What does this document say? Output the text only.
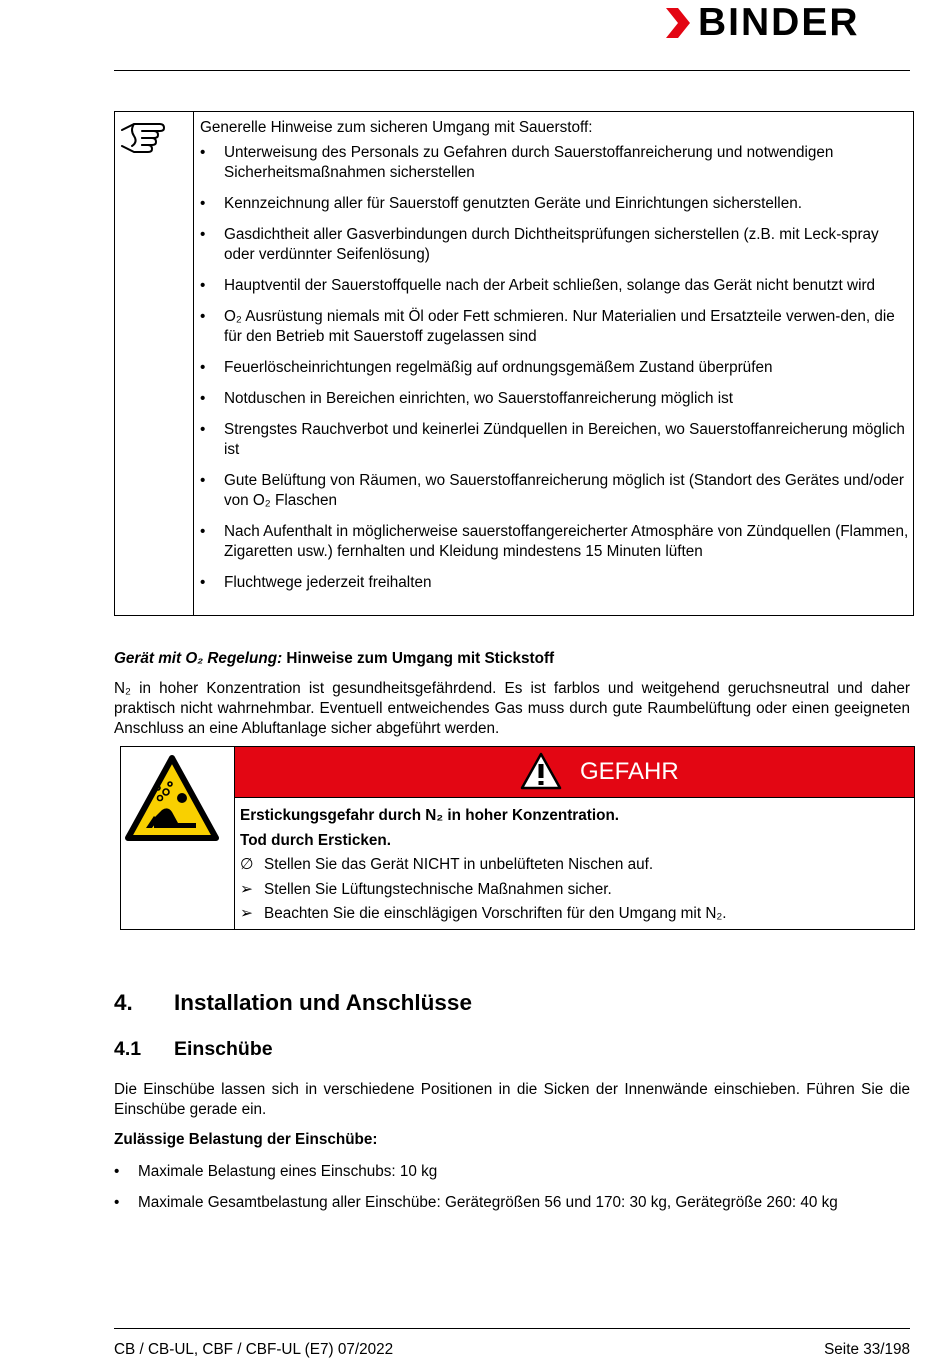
BINDER
Generelle Hinweise zum sicheren Umgang mit Sauerstoff:
• Unterweisung des Personals zu Gefahren durch Sauerstoffanreicherung und notwendigen Sicherheitsmaßnahmen sicherstellen
• Kennzeichnung aller für Sauerstoff genutzten Geräte und Einrichtungen sicherstellen.
• Gasdichtheit aller Gasverbindungen durch Dichtheitsprüfungen sicherstellen (z.B. mit Leck-spray oder verdünnter Seifenlösung)
• Hauptventil der Sauerstoffquelle nach der Arbeit schließen, solange das Gerät nicht benutzt wird
• O₂ Ausrüstung niemals mit Öl oder Fett schmieren. Nur Materialien und Ersatzteile verwen-den, die für den Betrieb mit Sauerstoff zugelassen sind
• Feuerlöscheinrichtungen regelmäßig auf ordnungsgemäßem Zustand überprüfen
• Notduschen in Bereichen einrichten, wo Sauerstoffanreicherung möglich ist
• Strengstes Rauchverbot und keinerlei Zündquellen in Bereichen, wo Sauerstoffanreicherung möglich ist
• Gute Belüftung von Räumen, wo Sauerstoffanreicherung möglich ist (Standort des Gerätes und/oder von O₂ Flaschen
• Nach Aufenthalt in möglicherweise sauerstoffangereicherter Atmosphäre von Zündquellen (Flammen, Zigaretten usw.) fernhalten und Kleidung mindestens 15 Minuten lüften
• Fluchtwege jederzeit freihalten
Gerät mit O₂ Regelung: Hinweise zum Umgang mit Stickstoff
N₂ in hoher Konzentration ist gesundheitsgefährdend. Es ist farblos und weitgehend geruchsneutral und daher praktisch nicht wahrnehmbar. Eventuell entweichendes Gas muss durch gute Raumbelüftung oder einen geeigneten Anschluss an eine Abluftanlage sicher abgeführt werden.
GEFAHR
Erstickungsgefahr durch N₂ in hoher Konzentration.
Tod durch Ersticken.
∅ Stellen Sie das Gerät NICHT in unbelüfteten Nischen auf.
➢ Stellen Sie Lüftungstechnische Maßnahmen sicher.
➢ Beachten Sie die einschlägigen Vorschriften für den Umgang mit N₂.
4. Installation und Anschlüsse
4.1 Einschübe
Die Einschübe lassen sich in verschiedene Positionen in die Sicken der Innenwände einschieben. Führen Sie die Einschübe gerade ein.
Zulässige Belastung der Einschübe:
• Maximale Belastung eines Einschubs: 10 kg
• Maximale Gesamtbelastung aller Einschübe: Gerätegrößen 56 und 170: 30 kg, Gerätegröße 260: 40 kg
CB / CB-UL, CBF / CBF-UL (E7) 07/2022	Seite 33/198
